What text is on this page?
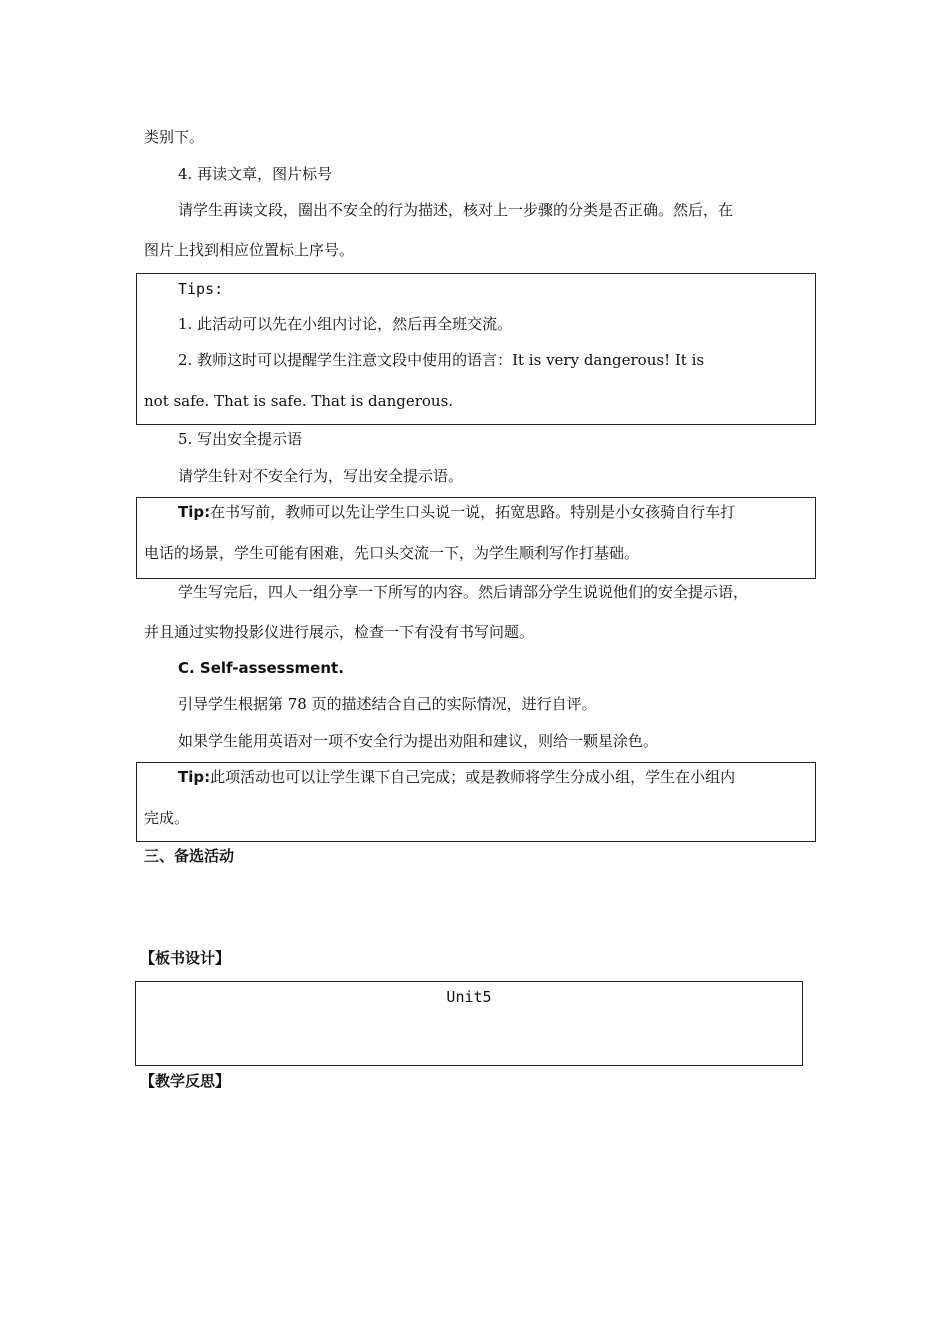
类别下。
4. 再读文章，图片标号
请学生再读文段，圈出不安全的行为描述，核对上一步骤的分类是否正确。然后，在
图片上找到相应位置标上序号。
Tips:
1. 此活动可以先在小组内讨论，然后再全班交流。
2. 教师这时可以提醒学生注意文段中使用的语言：It is very dangerous! It is
not safe. That is safe. That is dangerous.
5. 写出安全提示语
请学生针对不安全行为，写出安全提示语。
Tip:在书写前，教师可以先让学生口头说一说，拓宽思路。特别是小女孩骑自行车打
电话的场景，学生可能有困难，先口头交流一下，为学生顺利写作打基础。
学生写完后，四人一组分享一下所写的内容。然后请部分学生说说他们的安全提示语，
并且通过实物投影仪进行展示，检查一下有没有书写问题。
C. Self-assessment.
引导学生根据第 78 页的描述结合自己的实际情况，进行自评。
如果学生能用英语对一项不安全行为提出劝阻和建议，则给一颗星涂色。
Tip:此项活动也可以让学生课下自己完成；或是教师将学生分成小组，学生在小组内
完成。
三、备选活动
【板书设计】
Unit5
【教学反思】
